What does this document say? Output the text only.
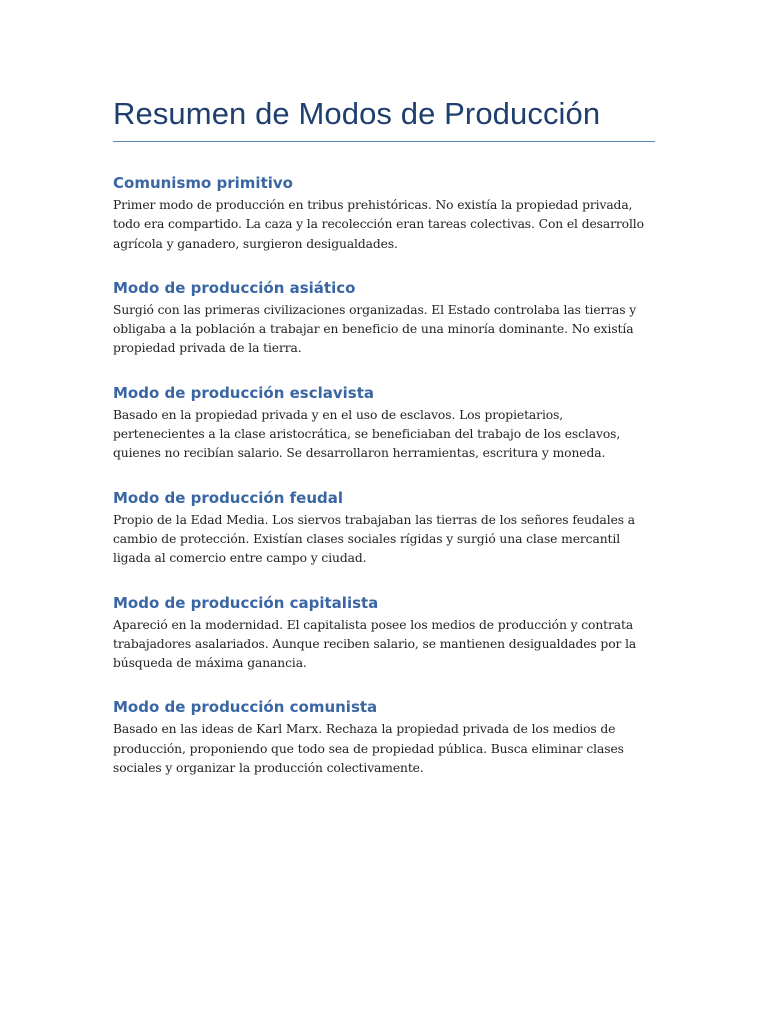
Resumen de Modos de Producción
Comunismo primitivo

Primer modo de producción en tribus prehistóricas. No existía la propiedad privada, todo era compartido. La caza y la recolección eran tareas colectivas. Con el desarrollo agrícola y ganadero, surgieron desigualdades.

Modo de producción asiático

Surgió con las primeras civilizaciones organizadas. El Estado controlaba las tierras y obligaba a la población a trabajar en beneficio de una minoría dominante. No existía propiedad privada de la tierra.

Modo de producción esclavista

Basado en la propiedad privada y en el uso de esclavos. Los propietarios, pertenecientes a la clase aristocrática, se beneficiaban del trabajo de los esclavos, quienes no recibían salario. Se desarrollaron herramientas, escritura y moneda.

Modo de producción feudal

Propio de la Edad Media. Los siervos trabajaban las tierras de los señores feudales a cambio de protección. Existían clases sociales rígidas y surgió una clase mercantil ligada al comercio entre campo y ciudad.

Modo de producción capitalista

Apareció en la modernidad. El capitalista posee los medios de producción y contrata trabajadores asalariados. Aunque reciben salario, se mantienen desigualdades por la búsqueda de máxima ganancia.

Modo de producción comunista

Basado en las ideas de Karl Marx. Rechaza la propiedad privada de los medios de producción, proponiendo que todo sea de propiedad pública. Busca eliminar clases sociales y organizar la producción colectivamente.
